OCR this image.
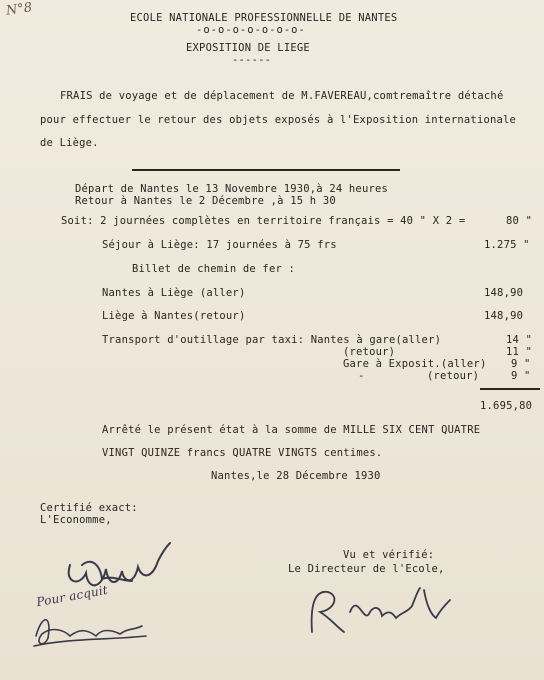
N°8	ECOLE NATIONALE PROFESSIONNELLE DE NANTES
-o-o-o-o-o-o-o-
EXPOSITION DE LIEGE
------
FRAIS de voyage et de déplacement de M.FAVEREAU,comtremaître détaché
pour effectuer le retour des objets exposés à l'Exposition internationale
de Liège.
Départ de Nantes le 13 Novembre 1930,à 24 heures
Retour à Nantes le 2 Décembre ,à 15 h 30
Soit: 2 journées complètes en territoire français = 40 " X 2 =	80 "
Séjour à Liège: 17 journées à 75 frs	1.275 "
Billet de chemin de fer :
Nantes à Liège (aller)	148,90
Liège à Nantes(retour)	148,90
Transport d'outillage par taxi: Nantes à gare(aller)	14 "
(retour)	11 "
Gare à Exposit.(aller) 9 "
-	(retour)	9 "
1.695,80
Arrêté le présent état à la somme de MILLE SIX CENT QUATRE
VINGT QUINZE francs QUATRE VINGTS centimes.
Nantes,le 28 Décembre 1930
Certifié exact:
L'Economme,
Pour acquit
Vu et vérifié:
Le Directeur de l'Ecole,
